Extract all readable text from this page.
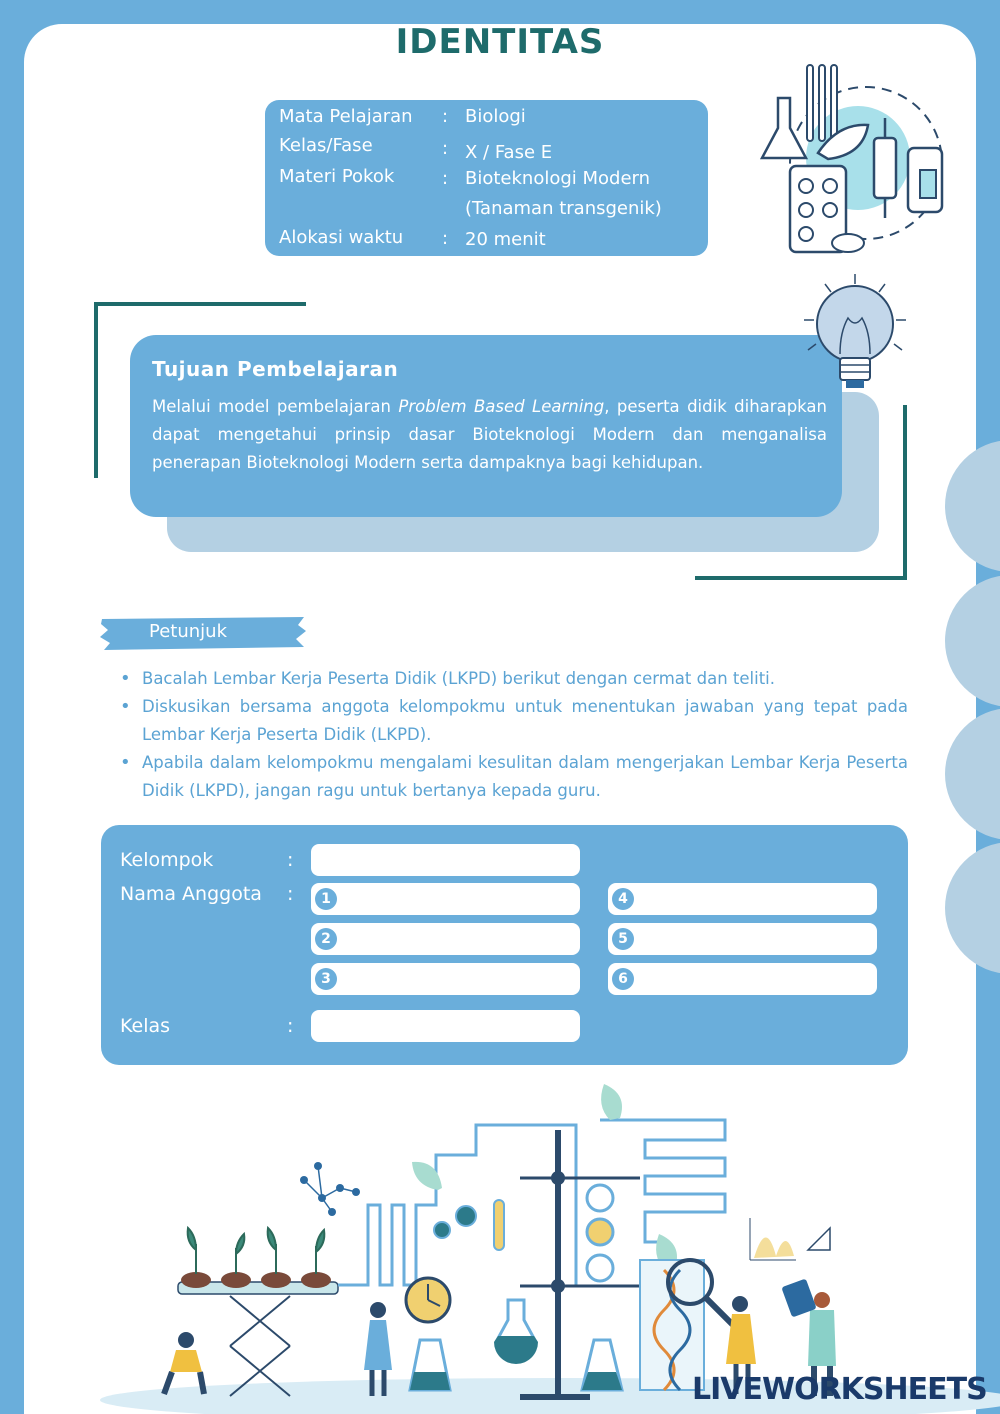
IDENTITAS
Mata Pelajaran : Biologi
Kelas/Fase	: X / Fase E
Materi Pokok	: Bioteknologi Modern
(Tanaman transgenik)
Alokasi waktu : 20 menit
Tujuan Pembelajaran
Melalui model pembelajaran Problem Based Learning, peserta didik diharapkan dapat mengetahui prinsip dasar Bioteknologi Modern dan menganalisa penerapan Bioteknologi Modern serta dampaknya bagi kehidupan.
Petunjuk
• Bacalah Lembar Kerja Peserta Didik (LKPD) berikut dengan cermat dan teliti.
• Diskusikan bersama anggota kelompokmu untuk menentukan jawaban yang tepat pada Lembar Kerja Peserta Didik (LKPD).
• Apabila dalam kelompokmu mengalami kesulitan dalam mengerjakan Lembar Kerja Peserta Didik (LKPD), jangan ragu untuk bertanya kepada guru.
Kelompok	:
Nama Anggota :	1
2
3
4
5
6
Kelas	:
LIVEWORKSHEETS
